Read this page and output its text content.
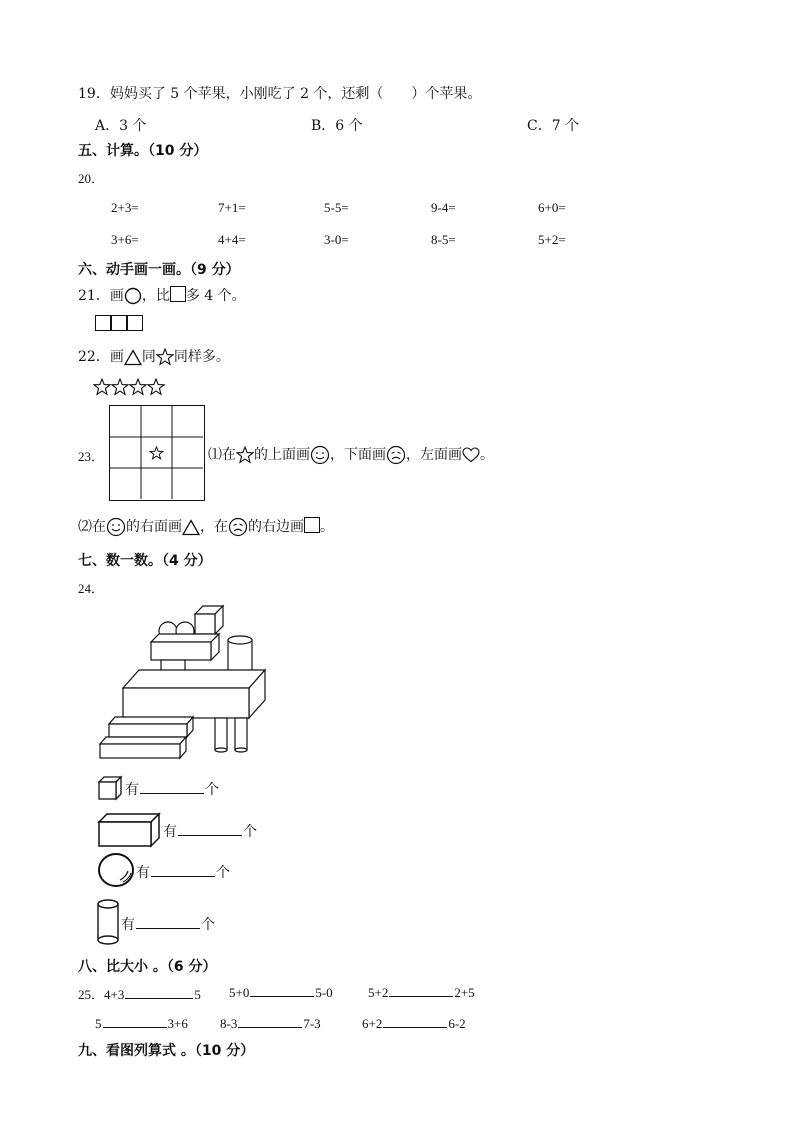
19．妈妈买了 5 个苹果，小刚吃了 2 个，还剩（　　）个苹果。
A．3 个	B．6 个	C．7 个
五、计算。（10 分）
20．
2+3=	7+1=	5-5=	9-4=	6+0=
3+6=	4+4=	3-0=	8-5=	5+2=
六、动手画一画。（9 分）
21．画 ，比 多 4 个。
22．画 同 同样多。
23．	⑴在 的上面画 ，下面画 ，左面画 。
⑵在 的右面画 ，在 的右边画 。
七、数一数。（4 分）
24．
有	个
有	个
有	个
有	个
八、比大小 。（6 分）
25．4+3	5 5+0	5-0	5+2	2+5
5	3+6 8-3	7-3	6+2	6-2
九、看图列算式 。（10 分）
